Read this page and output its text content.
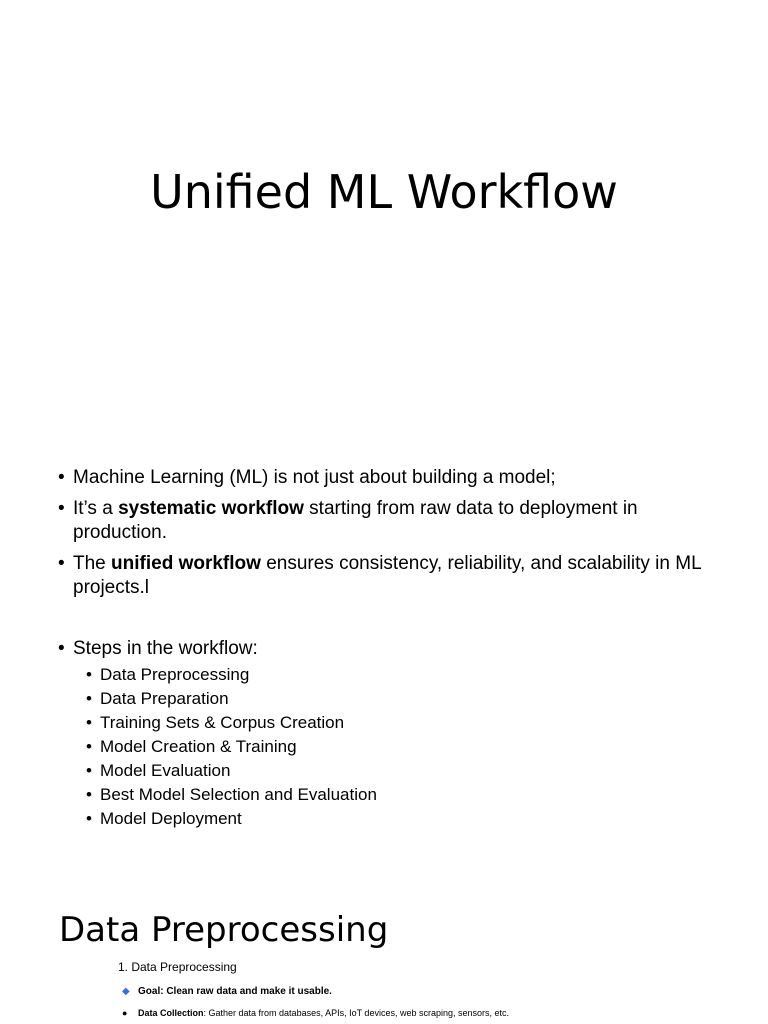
Unified ML Workflow
• Machine Learning (ML) is not just about building a model;
• It’s a systematic workflow starting from raw data to deployment in production.
• The unified workflow ensures consistency, reliability, and scalability in ML projects.l
• Steps in the workflow:
• Data Preprocessing
• Data Preparation
• Training Sets & Corpus Creation
• Model Creation & Training
• Model Evaluation
• Best Model Selection and Evaluation
• Model Deployment
Data Preprocessing
1. Data Preprocessing
◆ Goal: Clean raw data and make it usable.
● Data Collection: Gather data from databases, APIs, IoT devices, web scraping, sensors, etc.
